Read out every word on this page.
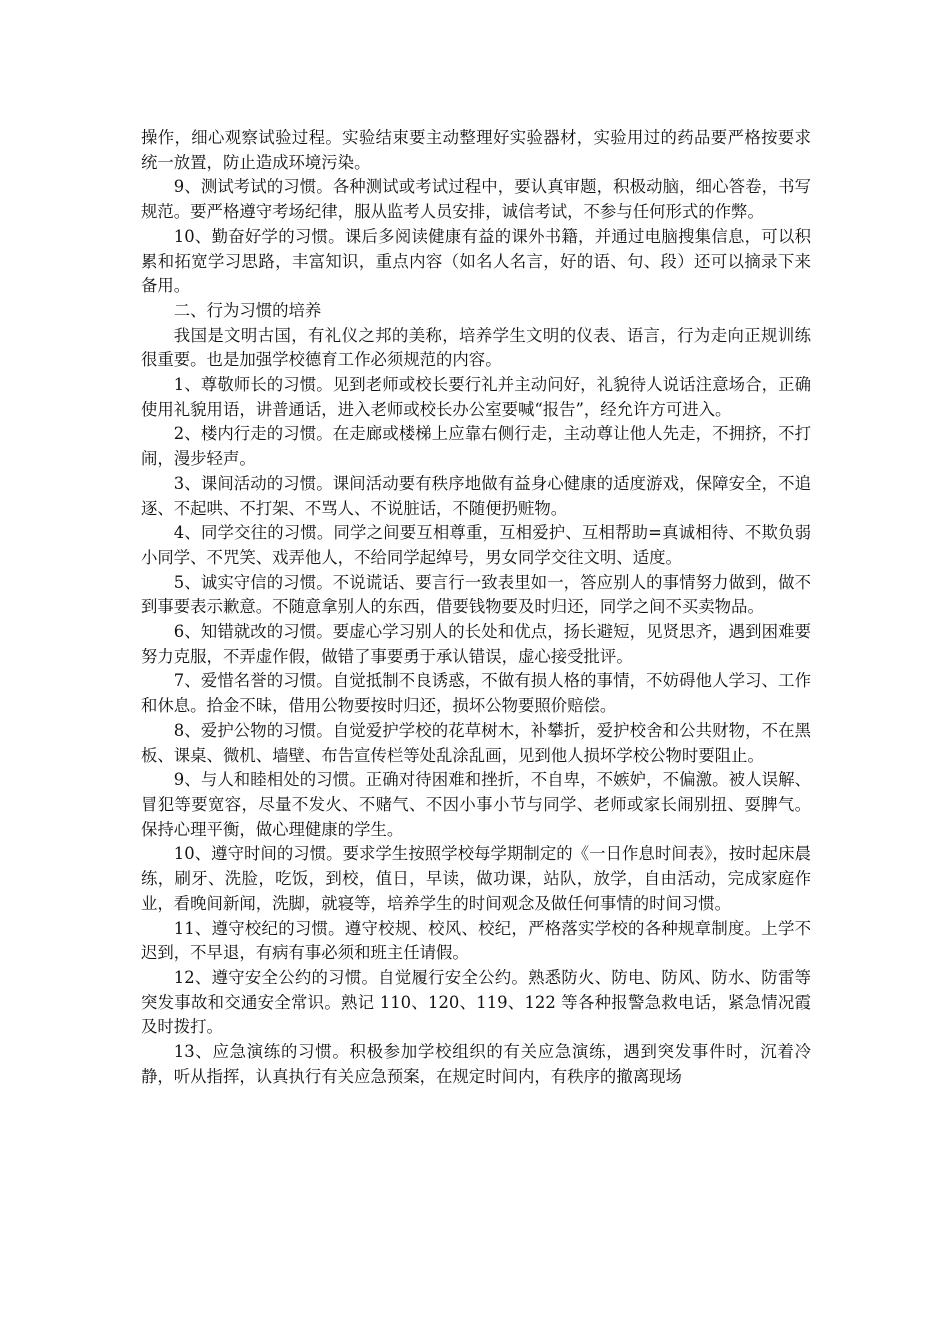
操作，细心观察试验过程。实验结束要主动整理好实验器材，实验用过的药品要严格按要求统一放置，防止造成环境污染。

9、测试考试的习惯。各种测试或考试过程中，要认真审题，积极动脑，细心答卷，书写规范。要严格遵守考场纪律，服从监考人员安排，诚信考试，不参与任何形式的作弊。

10、勤奋好学的习惯。课后多阅读健康有益的课外书籍，并通过电脑搜集信息，可以积累和拓宽学习思路，丰富知识，重点内容（如名人名言，好的语、句、段）还可以摘录下来备用。

二、行为习惯的培养

我国是文明古国，有礼仪之邦的美称，培养学生文明的仪表、语言，行为走向正规训练很重要。也是加强学校德育工作必须规范的内容。

1、尊敬师长的习惯。见到老师或校长要行礼并主动问好，礼貌待人说话注意场合，正确使用礼貌用语，讲普通话，进入老师或校长办公室要喊“报告”，经允许方可进入。

2、楼内行走的习惯。在走廊或楼梯上应靠右侧行走，主动尊让他人先走，不拥挤，不打闹，漫步轻声。

3、课间活动的习惯。课间活动要有秩序地做有益身心健康的适度游戏，保障安全，不追逐、不起哄、不打架、不骂人、不说脏话，不随便扔赃物。

4、同学交往的习惯。同学之间要互相尊重，互相爱护、互相帮助=真诚相待、不欺负弱小同学、不咒笑、戏弄他人，不给同学起绰号，男女同学交往文明、适度。

5、诚实守信的习惯。不说谎话、要言行一致表里如一，答应别人的事情努力做到，做不到事要表示歉意。不随意拿别人的东西，借要钱物要及时归还，同学之间不买卖物品。

6、知错就改的习惯。要虚心学习别人的长处和优点，扬长避短，见贤思齐，遇到困难要努力克服，不弄虚作假，做错了事要勇于承认错误，虚心接受批评。

7、爱惜名誉的习惯。自觉抵制不良诱惑，不做有损人格的事情，不妨碍他人学习、工作和休息。拾金不昧，借用公物要按时归还，损坏公物要照价赔偿。

8、爱护公物的习惯。自觉爱护学校的花草树木，补攀折，爱护校舍和公共财物，不在黑板、课桌、微机、墙壁、布告宣传栏等处乱涂乱画，见到他人损坏学校公物时要阻止。

9、与人和睦相处的习惯。正确对待困难和挫折，不自卑，不嫉妒，不偏激。被人误解、冒犯等要宽容，尽量不发火、不赌气、不因小事小节与同学、老师或家长闹别扭、耍脾气。保持心理平衡，做心理健康的学生。

10、遵守时间的习惯。要求学生按照学校每学期制定的《一日作息时间表》，按时起床晨练，刷牙、洗脸，吃饭，到校，值日，早读，做功课，站队，放学，自由活动，完成家庭作业，看晚间新闻，洗脚，就寝等，培养学生的时间观念及做任何事情的时间习惯。

11、遵守校纪的习惯。遵守校规、校风、校纪，严格落实学校的各种规章制度。上学不迟到，不早退，有病有事必须和班主任请假。

12、遵守安全公约的习惯。自觉履行安全公约。熟悉防火、防电、防风、防水、防雷等突发事故和交通安全常识。熟记 110、120、119、122 等各种报警急救电话，紧急情况霞及时拨打。

13、应急演练的习惯。积极参加学校组织的有关应急演练，遇到突发事件时，沉着冷静，听从指挥，认真执行有关应急预案，在规定时间内，有秩序的撤离现场
